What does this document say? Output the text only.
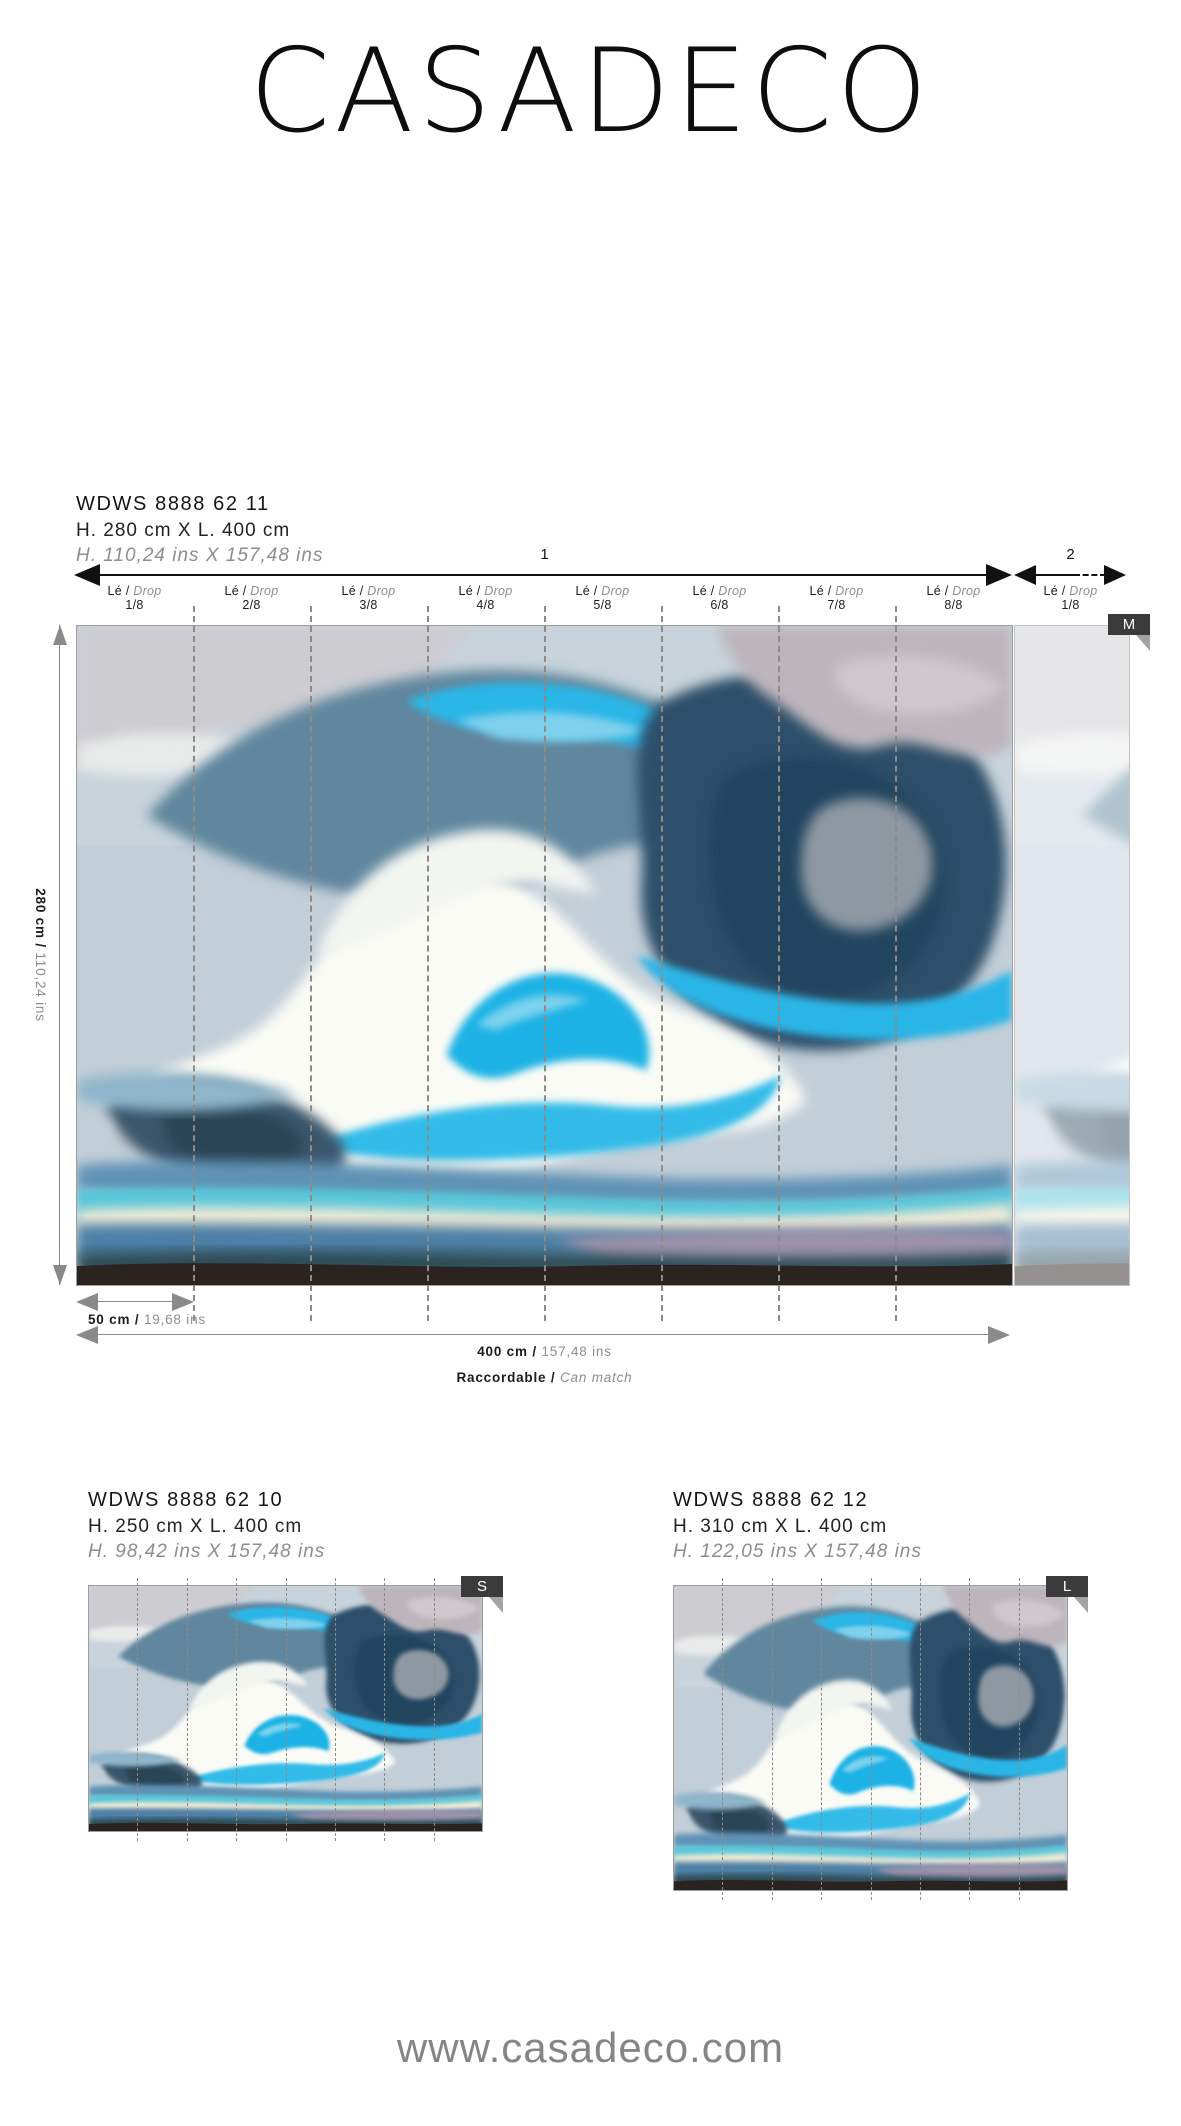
CASADECO
WDWS 8888 62 11
H. 280 cm X L. 400 cm
H. 110,24 ins X 157,48 ins	1	2
Lé / Drop
1/8
Lé / Drop
2/8
Lé / Drop
3/8
Lé / Drop
4/8
Lé / Drop
5/8
Lé / Drop
6/8
Lé / Drop
7/8
Lé / Drop
8/8
Lé / Drop
1/8
M
280 cm / 110,24 ins
50 cm / 19,68 ins
400 cm / 157,48 ins
Raccordable / Can match
WDWS 8888 62 10
H. 250 cm X L. 400 cm
H. 98,42 ins X 157,48 ins
S
WDWS 8888 62 12
H. 310 cm X L. 400 cm
H. 122,05 ins X 157,48 ins
L
www.casadeco.com
